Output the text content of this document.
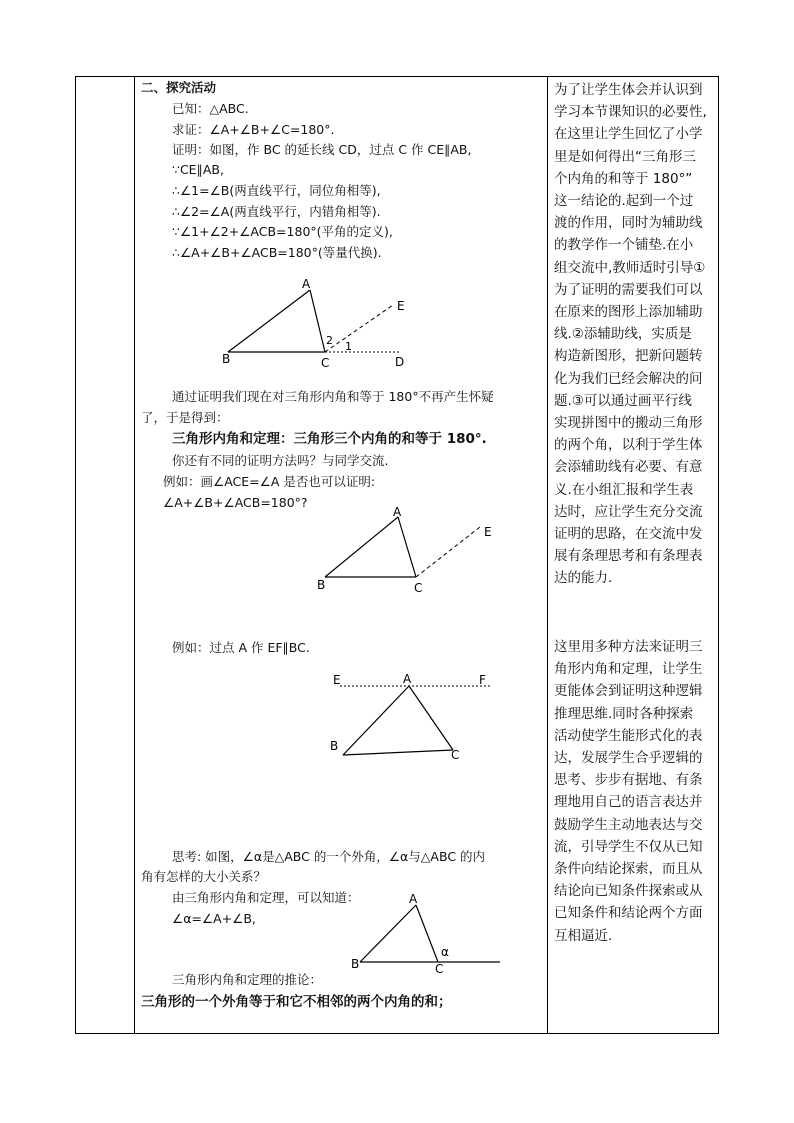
二、探究活动
已知：△ABC.
求证：∠A+∠B+∠C=180°.
证明：如图，作 BC 的延长线 CD，过点 C 作 CE∥AB,
∵CE∥AB,
∴∠1=∠B(两直线平行，同位角相等),
∴∠2=∠A(两直线平行，内错角相等).
∵∠1+∠2+∠ACB=180°(平角的定义),
∴∠A+∠B+∠ACB=180°(等量代换).
A
B	C	D
E
1
2
通过证明我们现在对三角形内角和等于 180°不再产生怀疑
了，于是得到：
三角形内角和定理：三角形三个内角的和等于 180°.
你还有不同的证明方法吗？与同学交流.
例如：画∠ACE=∠A 是否也可以证明:
∠A+∠B+∠ACB=180°?
A
B	C
E
例如：过点 A 作 EF∥BC.
E	A	F
B
C
思考: 如图，∠α是△ABC 的一个外角，∠α与△ABC 的内
角有怎样的大小关系？
由三角形内角和定理，可以知道：
∠α=∠A+∠B,
A
B	C
α
三角形内角和定理的推论：
三角形的一个外角等于和它不相邻的两个内角的和；
为了让学生体会并认识到
学习本节课知识的必要性,
在这里让学生回忆了小学
里是如何得出“三角形三
个内角的和等于 180°”
这一结论的.起到一个过
渡的作用，同时为辅助线
的教学作一个铺垫.在小
组交流中,教师适时引导①
为了证明的需要我们可以
在原来的图形上添加辅助
线.②添辅助线，实质是
构造新图形，把新问题转
化为我们已经会解决的问
题.③可以通过画平行线
实现拼图中的搬动三角形
的两个角，以利于学生体
会添辅助线有必要、有意
义.在小组汇报和学生表
达时，应让学生充分交流
证明的思路，在交流中发
展有条理思考和有条理表
达的能力.
这里用多种方法来证明三
角形内角和定理，让学生
更能体会到证明这种逻辑
推理思维.同时各种探索
活动使学生能形式化的表
达，发展学生合乎逻辑的
思考、步步有据地、有条
理地用自己的语言表达并
鼓励学生主动地表达与交
流，引导学生不仅从已知
条件向结论探索，而且从
结论向已知条件探索或从
已知条件和结论两个方面
互相逼近.
